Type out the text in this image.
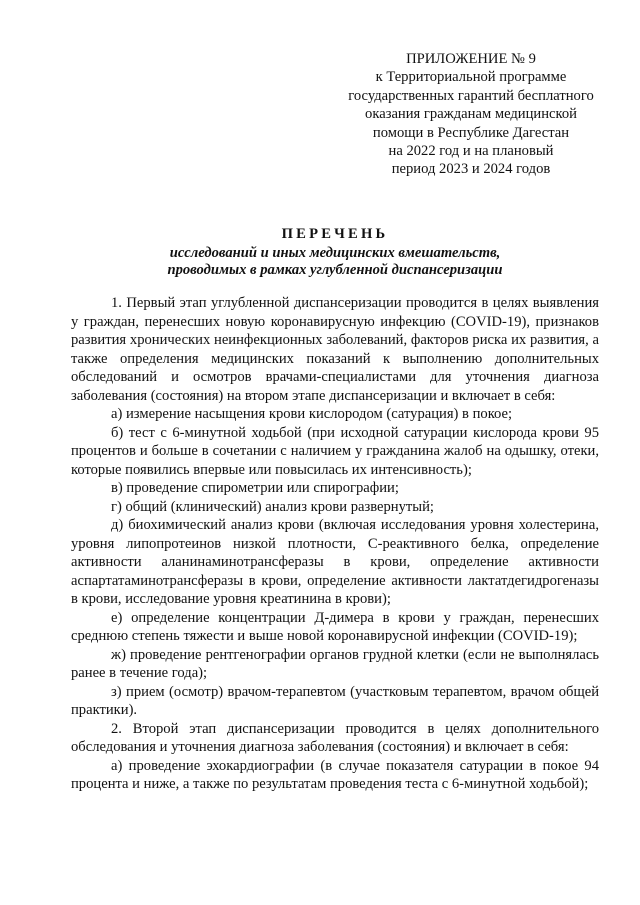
ПРИЛОЖЕНИЕ № 9
к Территориальной программе
государственных гарантий бесплатного
оказания гражданам медицинской
помощи в Республике Дагестан
на 2022 год и на плановый
период 2023 и 2024 годов
ПЕРЕЧЕНЬ
исследований и иных медицинских вмешательств,
проводимых в рамках углубленной диспансеризации
1. Первый этап углубленной диспансеризации проводится в целях выявления у граждан, перенесших новую коронавирусную инфекцию (COVID-19), признаков развития хронических неинфекционных заболеваний, факторов риска их развития, а также определения медицинских показаний к выполнению дополнительных обследований и осмотров врачами-специалистами для уточнения диагноза заболевания (состояния) на втором этапе диспансеризации и включает в себя:
а) измерение насыщения крови кислородом (сатурация) в покое;
б) тест с 6-минутной ходьбой (при исходной сатурации кислорода крови 95 процентов и больше в сочетании с наличием у гражданина жалоб на одышку, отеки, которые появились впервые или повысилась их интенсивность);
в) проведение спирометрии или спирографии;
г) общий (клинический) анализ крови развернутый;
д) биохимический анализ крови (включая исследования уровня холестерина, уровня липопротеинов низкой плотности, С-реактивного белка, определение активности аланинаминотрансферазы в крови, определение активности аспартатаминотрансферазы в крови, определение активности лактатдегидрогеназы в крови, исследование уровня креатинина в крови);
е) определение концентрации Д-димера в крови у граждан, перенесших среднюю степень тяжести и выше новой коронавирусной инфекции (COVID-19);
ж) проведение рентгенографии органов грудной клетки (если не выполнялась ранее в течение года);
з) прием (осмотр) врачом-терапевтом (участковым терапевтом, врачом общей практики).
2. Второй этап диспансеризации проводится в целях дополнительного обследования и уточнения диагноза заболевания (состояния) и включает в себя:
а) проведение эхокардиографии (в случае показателя сатурации в покое 94 процента и ниже, а также по результатам проведения теста с 6-минутной ходьбой);
